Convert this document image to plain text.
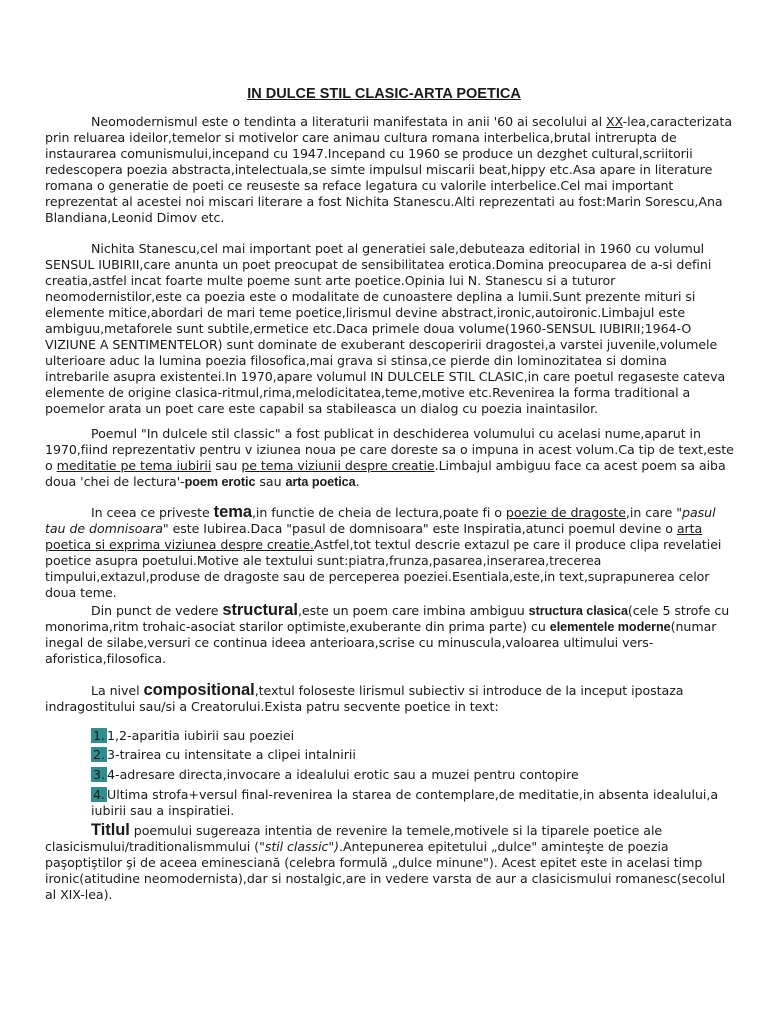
IN DULCE STIL CLASIC-ARTA POETICA
Neomodernismul este o tendinta a literaturii manifestata in anii '60 ai secolului al XX-lea,caracterizata prin reluarea ideilor,temelor si motivelor care animau cultura romana interbelica,brutal intrerupta de instaurarea comunismului,incepand cu 1947.Incepand cu 1960 se produce un dezghet cultural,scriitorii redescopera poezia abstracta,intelectuala,se simte impulsul miscarii beat,hippy etc.Asa apare in literature romana o generatie de poeti ce reuseste sa reface legatura cu valorile interbelice.Cel mai important reprezentat al acestei noi miscari literare a fost Nichita Stanescu.Alti reprezentati au fost:Marin Sorescu,Ana Blandiana,Leonid Dimov etc.
Nichita Stanescu,cel mai important poet al generatiei sale,debuteaza editorial in 1960 cu volumul SENSUL IUBIRII,care anunta un poet preocupat de sensibilitatea erotica.Domina preocuparea de a-si defini creatia,astfel incat foarte multe poeme sunt arte poetice.Opinia lui N. Stanescu si a tuturor neomodernistilor,este ca poezia este o modalitate de cunoastere deplina a lumii.Sunt prezente mituri si elemente mitice,abordari de mari teme poetice,lirismul devine abstract,ironic,autoironic.Limbajul este ambiguu,metaforele sunt subtile,ermetice etc.Daca primele doua volume(1960-SENSUL IUBIRII;1964-O VIZIUNE A SENTIMENTELOR) sunt dominate de exuberant descoperirii dragostei,a varstei juvenile,volumele ulterioare aduc la lumina poezia filosofica,mai grava si stinsa,ce pierde din lominozitatea si domina intrebarile asupra existentei.In 1970,apare volumul IN DULCELE STIL CLASIC,in care poetul regaseste cateva elemente de origine clasica-ritmul,rima,melodicitatea,teme,motive etc.Revenirea la forma traditional a poemelor arata un poet care este capabil sa stabileasca un dialog cu poezia inaintasilor.
Poemul "In dulcele stil classic" a fost publicat in deschiderea volumului cu acelasi nume,aparut in 1970,fiind reprezentativ pentru v iziunea noua pe care doreste sa o impuna in acest volum.Ca tip de text,este o meditatie pe tema iubirii sau pe tema viziunii despre creatie.Limbajul ambiguu face ca acest poem sa aiba doua 'chei de lectura'-poem erotic sau arta poetica.
In ceea ce priveste tema,in functie de cheia de lectura,poate fi o poezie de dragoste,in care "pasul tau de domnisoara" este Iubirea.Daca "pasul de domnisoara" este Inspiratia,atunci poemul devine o arta poetica si exprima viziunea despre creatie.Astfel,tot textul descrie extazul pe care il produce clipa revelatiei poetice asupra poetului.Motive ale textului sunt:piatra,frunza,pasarea,inserarea,trecerea timpului,extazul,produse de dragoste sau de perceperea poeziei.Esentiala,este,in text,suprapunerea celor doua teme.
Din punct de vedere structural,este un poem care imbina ambiguu structura clasica(cele 5 strofe cu monorima,ritm trohaic-asociat starilor optimiste,exuberante din prima parte) cu elementele moderne(numar inegal de silabe,versuri ce continua ideea anterioara,scrise cu minuscula,valoarea ultimului vers-aforistica,filosofica.
La nivel compositional,textul foloseste lirismul subiectiv si introduce de la inceput ipostaza indragostitului sau/si a Creatorului.Exista patru secvente poetice in text:
1. 1,2-aparitia iubirii sau poeziei
2. 3-trairea cu intensitate a clipei intalnirii
3. 4-adresare directa,invocare a idealului erotic sau a muzei pentru contopire
4. Ultima strofa+versul final-revenirea la starea de contemplare,de meditatie,in absenta idealului,a iubirii sau a inspiratiei.
Titlul poemului sugereaza intentia de revenire la temele,motivele si la tiparele poetice ale clasicismului/traditionalismmului ("stil classic").Antepunerea epitetului „dulce" aminteşte de poezia paşoptiştilor şi de aceea eminesciană (celebra formulă „dulce minune"). Acest epitet este in acelasi timp ironic(atitudine neomodernista),dar si nostalgic,are in vedere varsta de aur a clasicismului romanesc(secolul al XIX-lea).
